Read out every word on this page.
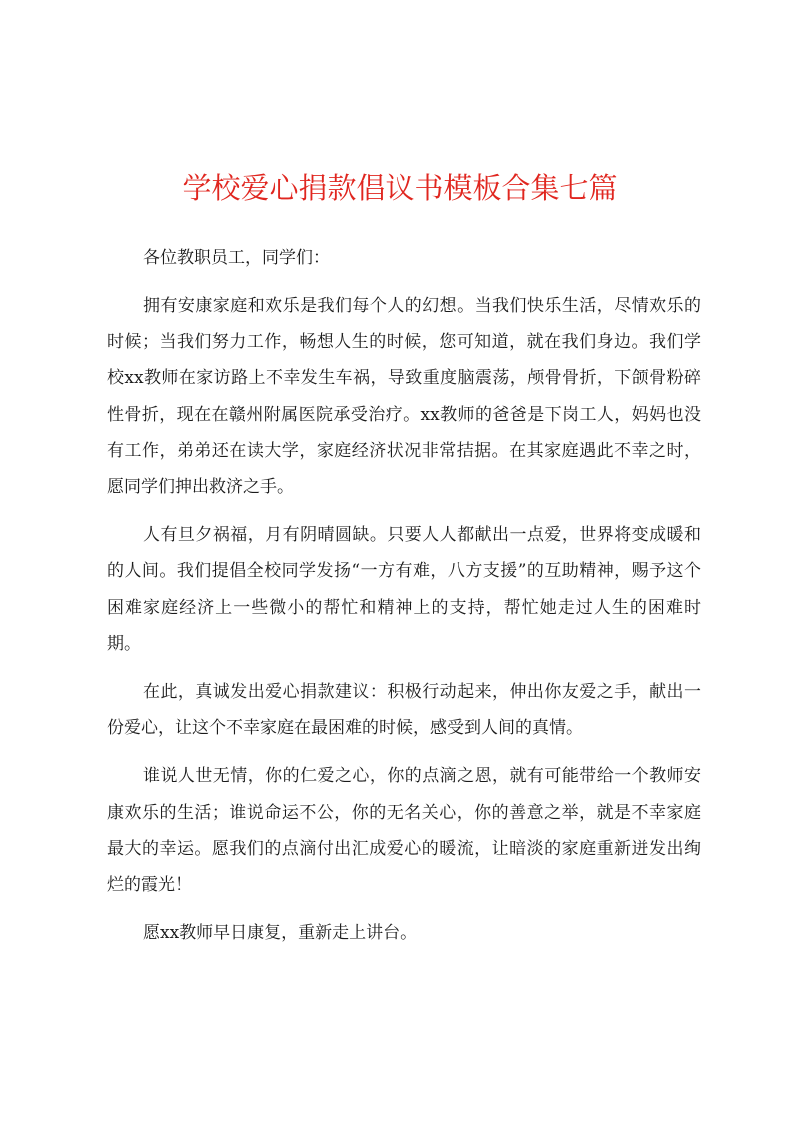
学校爱心捐款倡议书模板合集七篇

各位教职员工，同学们：

拥有安康家庭和欢乐是我们每个人的幻想。当我们快乐生活，尽情欢乐的时候；当我们努力工作，畅想人生的时候，您可知道，就在我们身边。我们学校xx教师在家访路上不幸发生车祸，导致重度脑震荡，颅骨骨折，下颌骨粉碎性骨折，现在在赣州附属医院承受治疗。xx教师的爸爸是下岗工人，妈妈也没有工作，弟弟还在读大学，家庭经济状况非常拮据。在其家庭遇此不幸之时，愿同学们抻出救济之手。

人有旦夕祸福，月有阴晴圆缺。只要人人都献出一点爱，世界将变成暖和的人间。我们提倡全校同学发扬“一方有难，八方支援”的互助精神，赐予这个困难家庭经济上一些微小的帮忙和精神上的支持，帮忙她走过人生的困难时期。

在此，真诚发出爱心捐款建议：积极行动起来，伸出你友爱之手，献出一份爱心，让这个不幸家庭在最困难的时候，感受到人间的真情。

谁说人世无情，你的仁爱之心，你的点滴之恩，就有可能带给一个教师安康欢乐的生活；谁说命运不公，你的无名关心，你的善意之举，就是不幸家庭最大的幸运。愿我们的点滴付出汇成爱心的暖流，让暗淡的家庭重新迸发出绚烂的霞光！

愿xx教师早日康复，重新走上讲台。
